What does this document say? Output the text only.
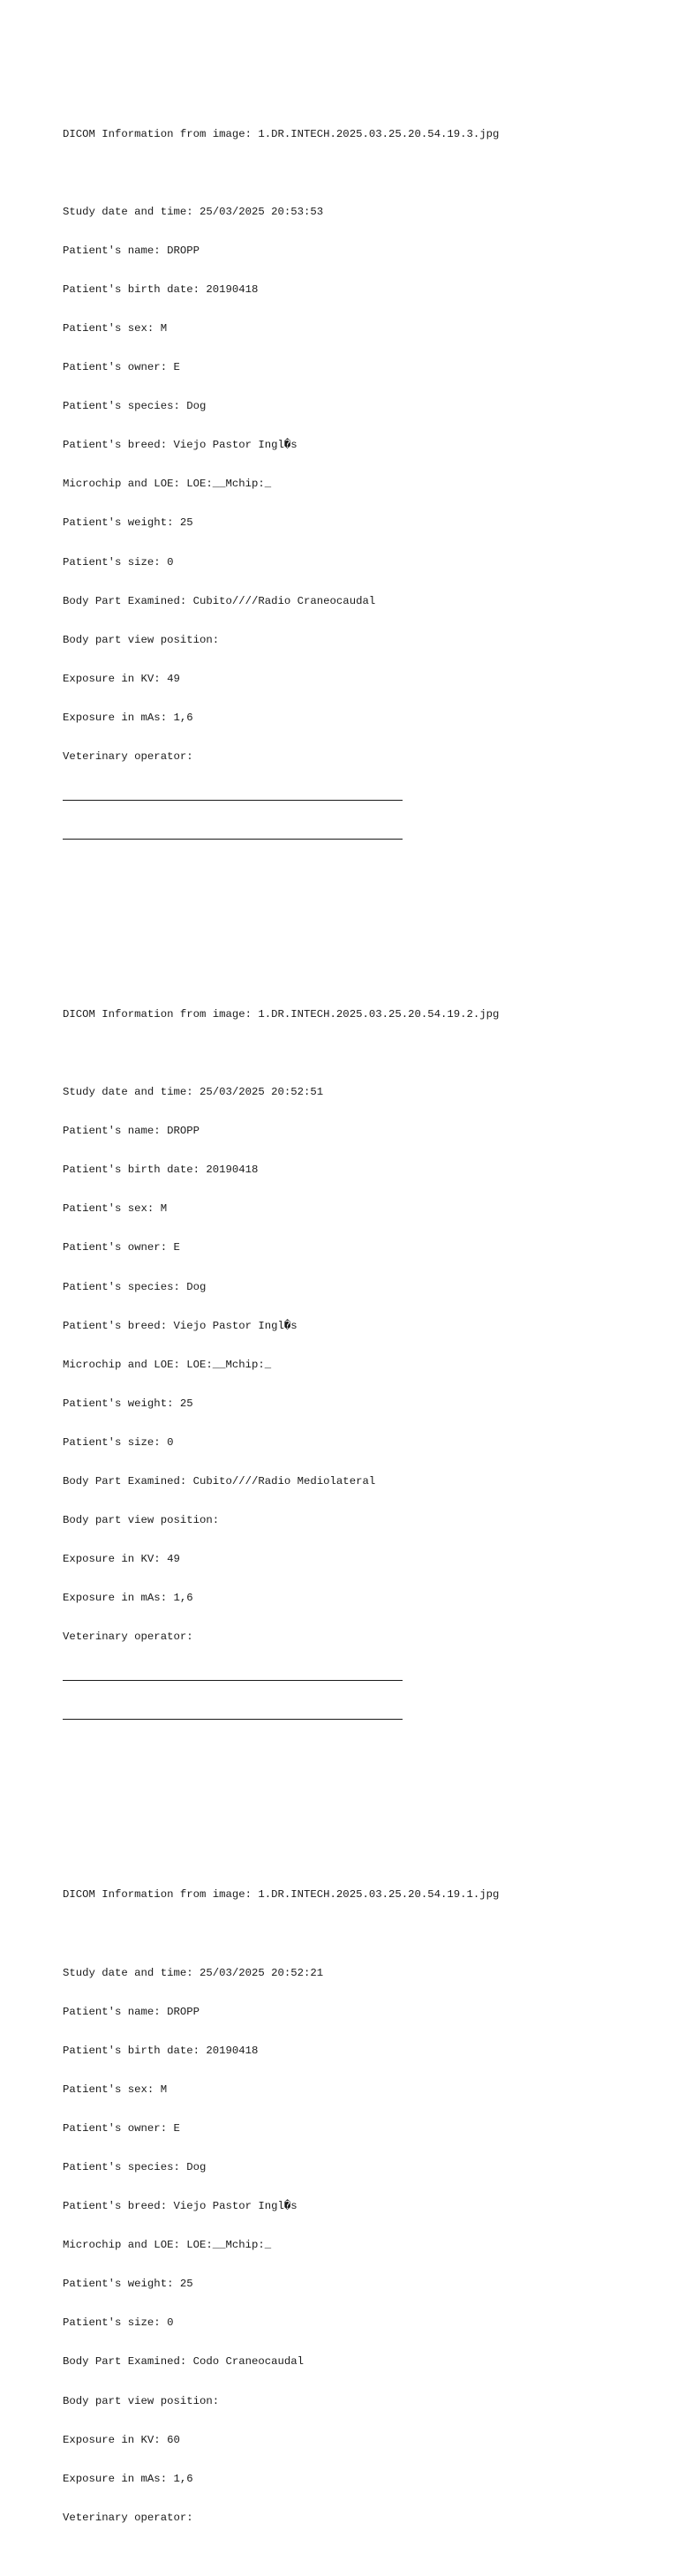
DICOM Information from image: 1.DR.INTECH.2025.03.25.20.54.19.3.jpg

Study date and time: 25/03/2025 20:53:53

Patient's name: DROPP

Patient's birth date: 20190418

Patient's sex: M

Patient's owner: E

Patient's species: Dog

Patient's breed: Viejo Pastor Ingl�s

Microchip and LOE: LOE:__Mchip:_

Patient's weight: 25

Patient's size: 0

Body Part Examined: Cubito////Radio Craneocaudal

Body part view position:

Exposure in KV: 49

Exposure in mAs: 1,6

Veterinary operator:

DICOM Information from image: 1.DR.INTECH.2025.03.25.20.54.19.2.jpg

Study date and time: 25/03/2025 20:52:51

Patient's name: DROPP

Patient's birth date: 20190418

Patient's sex: M

Patient's owner: E

Patient's species: Dog

Patient's breed: Viejo Pastor Ingl�s

Microchip and LOE: LOE:__Mchip:_

Patient's weight: 25

Patient's size: 0

Body Part Examined: Cubito////Radio Mediolateral

Body part view position:

Exposure in KV: 49

Exposure in mAs: 1,6

Veterinary operator:

DICOM Information from image: 1.DR.INTECH.2025.03.25.20.54.19.1.jpg

Study date and time: 25/03/2025 20:52:21

Patient's name: DROPP

Patient's birth date: 20190418

Patient's sex: M

Patient's owner: E

Patient's species: Dog

Patient's breed: Viejo Pastor Ingl�s

Microchip and LOE: LOE:__Mchip:_

Patient's weight: 25

Patient's size: 0

Body Part Examined: Codo Craneocaudal

Body part view position:

Exposure in KV: 60

Exposure in mAs: 1,6

Veterinary operator:
